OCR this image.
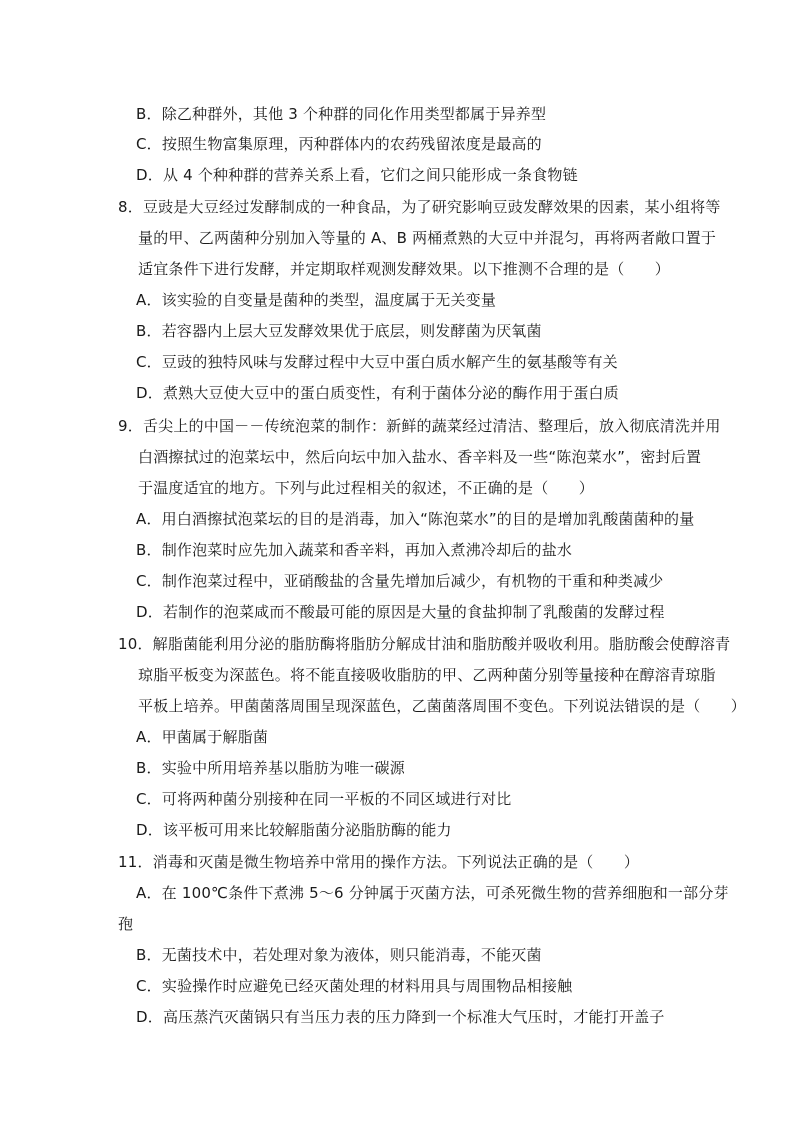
B．除乙种群外，其他 3 个种群的同化作用类型都属于异养型
C．按照生物富集原理，丙种群体内的农药残留浓度是最高的
D．从 4 个种种群的营养关系上看，它们之间只能形成一条食物链
8．豆豉是大豆经过发酵制成的一种食品，为了研究影响豆豉发酵效果的因素，某小组将等
量的甲、乙两菌种分别加入等量的 A、B 两桶煮熟的大豆中并混匀，再将两者敞口置于
适宜条件下进行发酵，并定期取样观测发酵效果。以下推测不合理的是（　　）
A．该实验的自变量是菌种的类型，温度属于无关变量
B．若容器内上层大豆发酵效果优于底层，则发酵菌为厌氧菌
C．豆豉的独特风味与发酵过程中大豆中蛋白质水解产生的氨基酸等有关
D．煮熟大豆使大豆中的蛋白质变性，有利于菌体分泌的酶作用于蛋白质
9．舌尖上的中国－－传统泡菜的制作：新鲜的蔬菜经过清洁、整理后，放入彻底清洗并用
白酒擦拭过的泡菜坛中，然后向坛中加入盐水、香辛料及一些“陈泡菜水”，密封后置
于温度适宜的地方。下列与此过程相关的叙述，不正确的是（　　）
A．用白酒擦拭泡菜坛的目的是消毒，加入“陈泡菜水”的目的是增加乳酸菌菌种的量
B．制作泡菜时应先加入蔬菜和香辛料，再加入煮沸冷却后的盐水
C．制作泡菜过程中，亚硝酸盐的含量先增加后减少，有机物的干重和种类减少
D．若制作的泡菜咸而不酸最可能的原因是大量的食盐抑制了乳酸菌的发酵过程
10．解脂菌能利用分泌的脂肪酶将脂肪分解成甘油和脂肪酸并吸收利用。脂肪酸会使醇溶青
琼脂平板变为深蓝色。将不能直接吸收脂肪的甲、乙两种菌分别等量接种在醇溶青琼脂
平板上培养。甲菌菌落周围呈现深蓝色，乙菌菌落周围不变色。下列说法错误的是（　　）
A．甲菌属于解脂菌
B．实验中所用培养基以脂肪为唯一碳源
C．可将两种菌分别接种在同一平板的不同区域进行对比
D．该平板可用来比较解脂菌分泌脂肪酶的能力
11．消毒和灭菌是微生物培养中常用的操作方法。下列说法正确的是（　　）
A．在 100℃条件下煮沸 5～6 分钟属于灭菌方法，可杀死微生物的营养细胞和一部分芽
孢
B．无菌技术中，若处理对象为液体，则只能消毒，不能灭菌
C．实验操作时应避免已经灭菌处理的材料用具与周围物品相接触
D．高压蒸汽灭菌锅只有当压力表的压力降到一个标准大气压时，才能打开盖子
